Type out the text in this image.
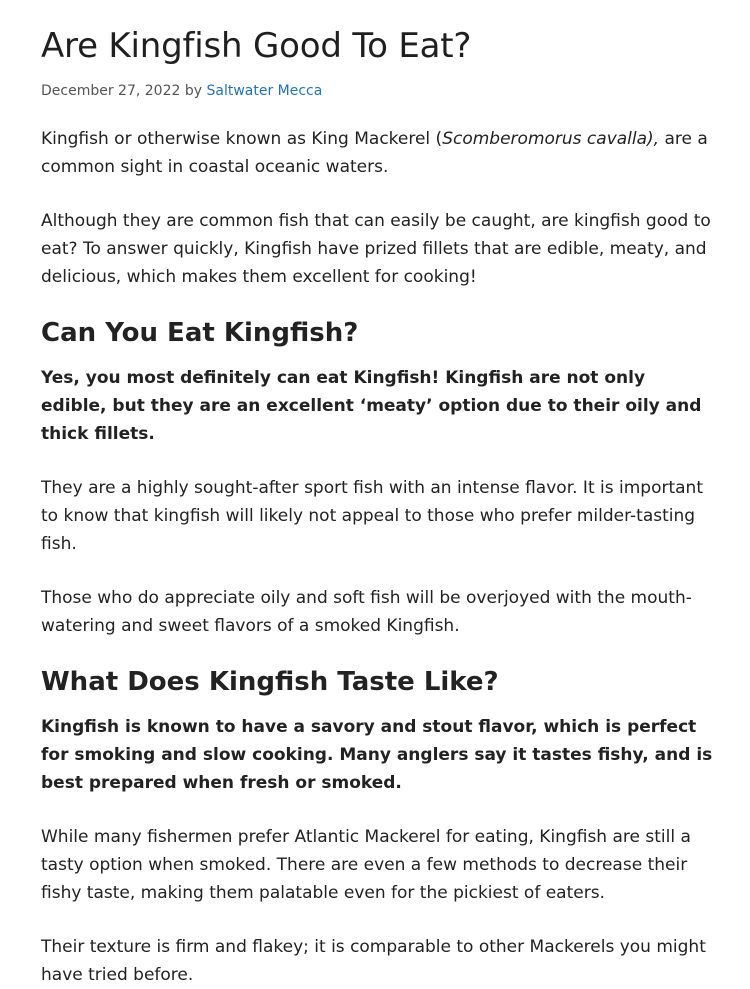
Are Kingfish Good To Eat?
December 27, 2022 by Saltwater Mecca

Kingfish or otherwise known as King Mackerel (Scomberomorus cavalla), are a common sight in coastal oceanic waters.

Although they are common fish that can easily be caught, are kingfish good to eat? To answer quickly, Kingfish have prized fillets that are edible, meaty, and delicious, which makes them excellent for cooking!

Can You Eat Kingfish?

Yes, you most definitely can eat Kingfish! Kingfish are not only edible, but they are an excellent ‘meaty’ option due to their oily and thick fillets.

They are a highly sought-after sport fish with an intense flavor. It is important to know that kingfish will likely not appeal to those who prefer milder-tasting fish.

Those who do appreciate oily and soft fish will be overjoyed with the mouth-watering and sweet flavors of a smoked Kingfish.

What Does Kingfish Taste Like?

Kingfish is known to have a savory and stout flavor, which is perfect for smoking and slow cooking. Many anglers say it tastes fishy, and is best prepared when fresh or smoked.

While many fishermen prefer Atlantic Mackerel for eating, Kingfish are still a tasty option when smoked. There are even a few methods to decrease their fishy taste, making them palatable even for the pickiest of eaters.

Their texture is firm and flakey; it is comparable to other Mackerels you might have tried before.
